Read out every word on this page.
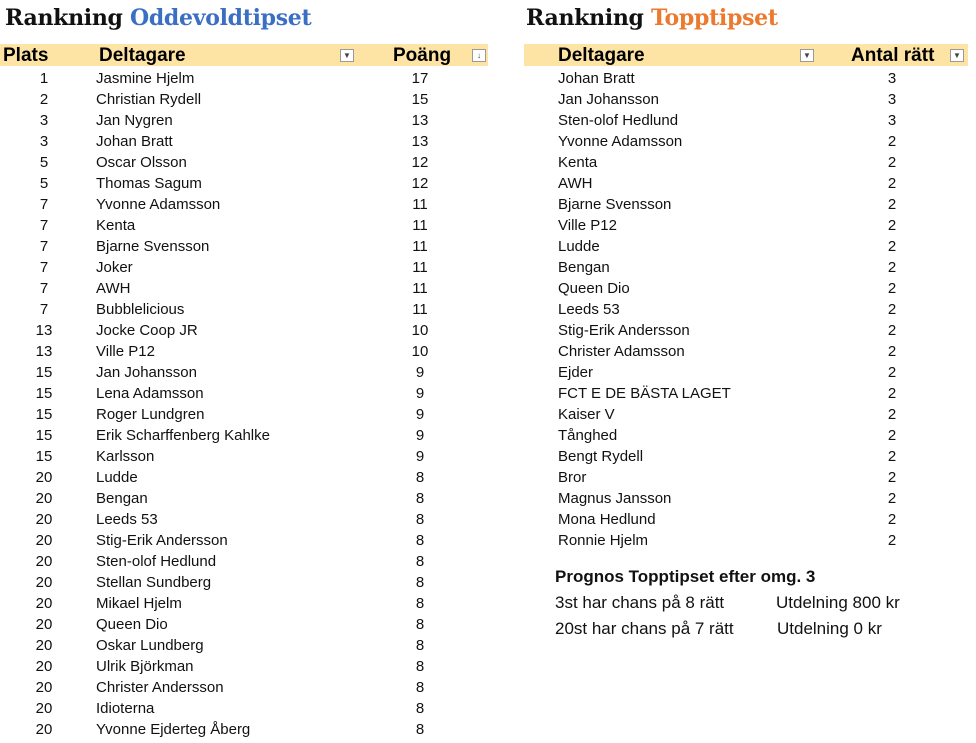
Rankning Oddevoldtipset
Plats	Deltagare	▼ Poäng	↓
1	Jasmine Hjelm	17
2	Christian Rydell	15
3	Jan Nygren	13
3	Johan Bratt	13
5	Oscar Olsson	12
5	Thomas Sagum	12
7	Yvonne Adamsson	11
7	Kenta	11
7	Bjarne Svensson	11
7	Joker	11
7	AWH	11
7	Bubblelicious	11
13	Jocke Coop JR	10
13	Ville P12	10
15	Jan Johansson	9
15	Lena Adamsson	9
15	Roger Lundgren	9
15	Erik Scharffenberg Kahlke	9
15	Karlsson	9
20	Ludde	8
20	Bengan	8
20	Leeds 53	8
20	Stig-Erik Andersson	8
20	Sten-olof Hedlund	8
20	Stellan Sundberg	8
20	Mikael Hjelm	8
20	Queen Dio	8
20	Oskar Lundberg	8
20	Ulrik Björkman	8
20	Christer Andersson	8
20	Idioterna	8
20	Yvonne Ejderteg Åberg	8
Rankning Topptipset
Deltagare	▼ Antal rätt	▼
Johan Bratt	3
Jan Johansson	3
Sten-olof Hedlund	3
Yvonne Adamsson	2
Kenta	2
AWH	2
Bjarne Svensson	2
Ville P12	2
Ludde	2
Bengan	2
Queen Dio	2
Leeds 53	2
Stig-Erik Andersson	2
Christer Adamsson	2
Ejder	2
FCT E DE BÄSTA LAGET	2
Kaiser V	2
Tånghed	2
Bengt Rydell	2
Bror	2
Magnus Jansson	2
Mona Hedlund	2
Ronnie Hjelm	2
Prognos Topptipset efter omg. 3
3st har chans på 8 rätt	Utdelning 800 kr
20st har chans på 7 rätt	Utdelning 0 kr
